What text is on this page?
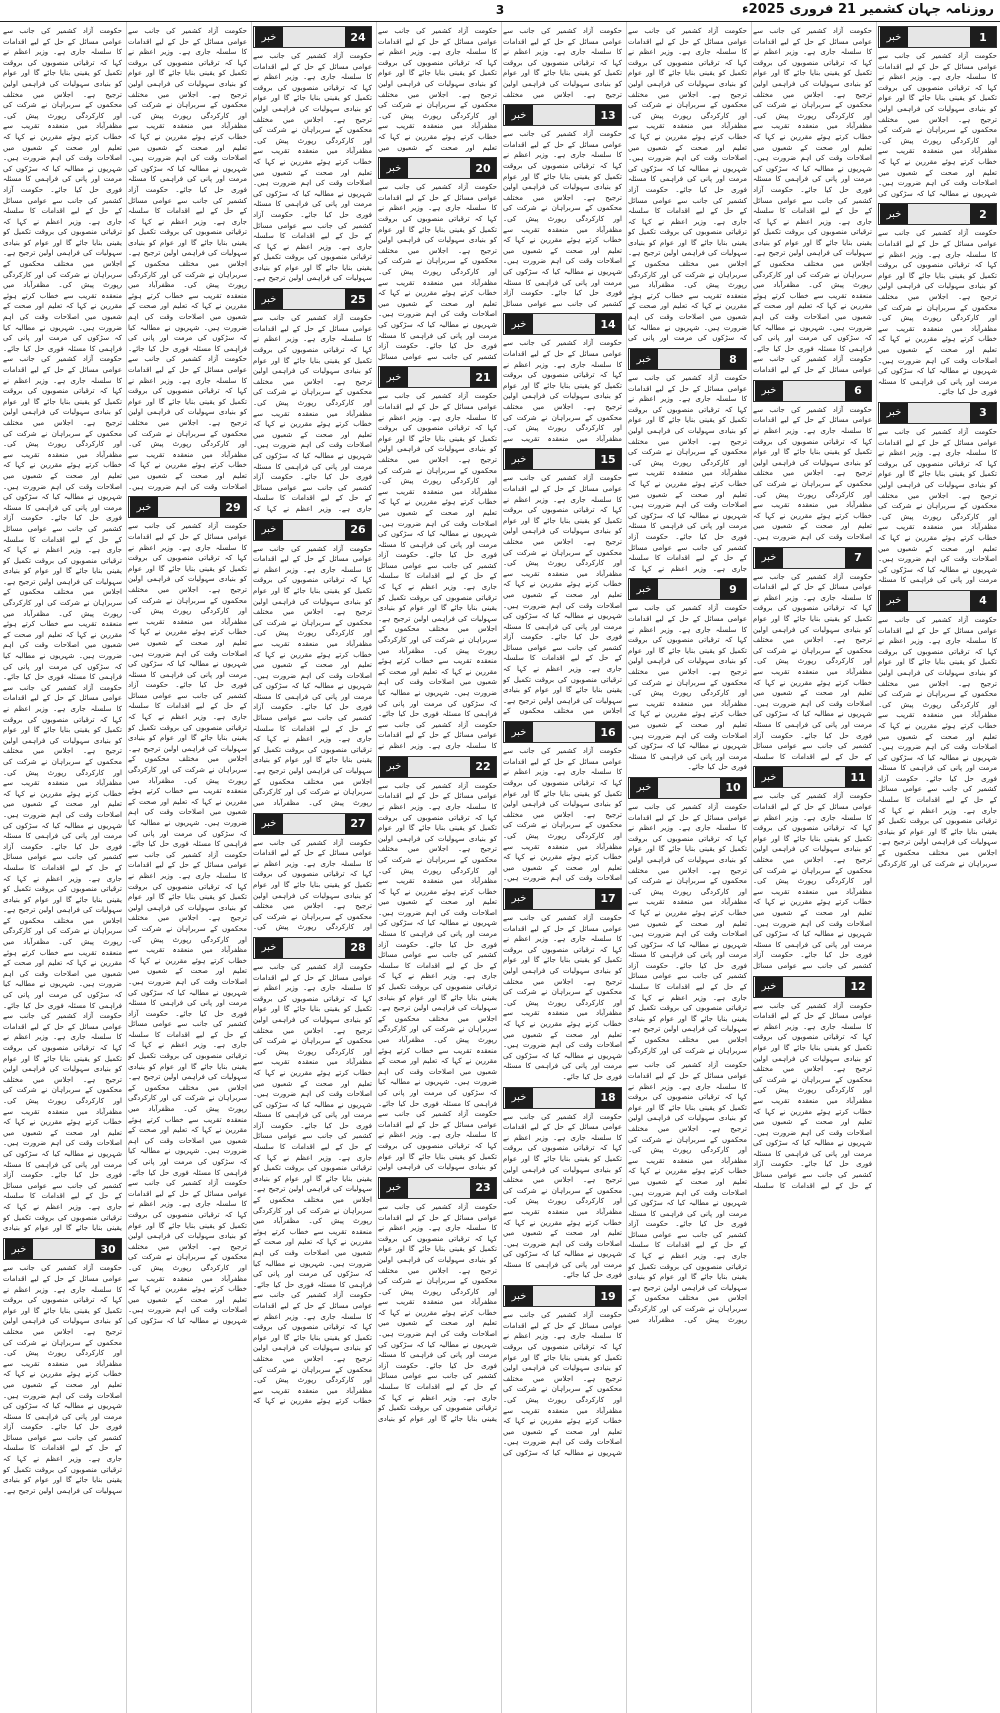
3	روزنامہ جہان کشمیر 21 فروری 2025ء
1
خبر

حکومت آزاد کشمیر کی جانب سے عوامی مسائل کے حل کے لیے اقدامات کا سلسلہ جاری ہے۔ وزیر اعظم نے کہا کہ ترقیاتی منصوبوں کی بروقت تکمیل کو یقینی بنایا جائے گا اور عوام کو بنیادی سہولیات کی فراہمی اولین ترجیح ہے۔ اجلاس میں مختلف محکموں کے سربراہان نے شرکت کی اور کارکردگی رپورٹ پیش کی۔ مظفرآباد میں منعقدہ تقریب سے خطاب کرتے ہوئے مقررین نے کہا کہ تعلیم اور صحت کے شعبوں میں اصلاحات وقت کی اہم ضرورت ہیں۔ شہریوں نے مطالبہ کیا کہ سڑکوں کی

2
خبر

حکومت آزاد کشمیر کی جانب سے عوامی مسائل کے حل کے لیے اقدامات کا سلسلہ جاری ہے۔ وزیر اعظم نے کہا کہ ترقیاتی منصوبوں کی بروقت تکمیل کو یقینی بنایا جائے گا اور عوام کو بنیادی سہولیات کی فراہمی اولین ترجیح ہے۔ اجلاس میں مختلف محکموں کے سربراہان نے شرکت کی اور کارکردگی رپورٹ پیش کی۔ مظفرآباد میں منعقدہ تقریب سے خطاب کرتے ہوئے مقررین نے کہا کہ تعلیم اور صحت کے شعبوں میں اصلاحات وقت کی اہم ضرورت ہیں۔ شہریوں نے مطالبہ کیا کہ سڑکوں کی مرمت اور پانی کی فراہمی کا مسئلہ فوری حل کیا جائے۔

3
خبر

حکومت آزاد کشمیر کی جانب سے عوامی مسائل کے حل کے لیے اقدامات کا سلسلہ جاری ہے۔ وزیر اعظم نے کہا کہ ترقیاتی منصوبوں کی بروقت تکمیل کو یقینی بنایا جائے گا اور عوام کو بنیادی سہولیات کی فراہمی اولین ترجیح ہے۔ اجلاس میں مختلف محکموں کے سربراہان نے شرکت کی اور کارکردگی رپورٹ پیش کی۔ مظفرآباد میں منعقدہ تقریب سے خطاب کرتے ہوئے مقررین نے کہا کہ تعلیم اور صحت کے شعبوں میں اصلاحات وقت کی اہم ضرورت ہیں۔ شہریوں نے مطالبہ کیا کہ سڑکوں کی مرمت اور پانی کی فراہمی کا مسئلہ

4
خبر

حکومت آزاد کشمیر کی جانب سے عوامی مسائل کے حل کے لیے اقدامات کا سلسلہ جاری ہے۔ وزیر اعظم نے کہا کہ ترقیاتی منصوبوں کی بروقت تکمیل کو یقینی بنایا جائے گا اور عوام کو بنیادی سہولیات کی فراہمی اولین ترجیح ہے۔ اجلاس میں مختلف محکموں کے سربراہان نے شرکت کی اور کارکردگی رپورٹ پیش کی۔ مظفرآباد میں منعقدہ تقریب سے خطاب کرتے ہوئے مقررین نے کہا کہ تعلیم اور صحت کے شعبوں میں اصلاحات وقت کی اہم ضرورت ہیں۔ شہریوں نے مطالبہ کیا کہ سڑکوں کی مرمت اور پانی کی فراہمی کا مسئلہ فوری حل کیا جائے۔ حکومت آزاد کشمیر کی جانب سے عوامی مسائل کے حل کے لیے اقدامات کا سلسلہ جاری ہے۔ وزیر اعظم نے کہا کہ ترقیاتی منصوبوں کی بروقت تکمیل کو یقینی بنایا جائے گا اور عوام کو بنیادی سہولیات کی فراہمی اولین ترجیح ہے۔ اجلاس میں مختلف محکموں کے سربراہان نے شرکت کی اور کارکردگی

حکومت آزاد کشمیر کی جانب سے عوامی مسائل کے حل کے لیے اقدامات کا سلسلہ جاری ہے۔ وزیر اعظم نے کہا کہ ترقیاتی منصوبوں کی بروقت تکمیل کو یقینی بنایا جائے گا اور عوام کو بنیادی سہولیات کی فراہمی اولین ترجیح ہے۔ اجلاس میں مختلف محکموں کے سربراہان نے شرکت کی اور کارکردگی رپورٹ پیش کی۔ مظفرآباد میں منعقدہ تقریب سے خطاب کرتے ہوئے مقررین نے کہا کہ تعلیم اور صحت کے شعبوں میں اصلاحات وقت کی اہم ضرورت ہیں۔ شہریوں نے مطالبہ کیا کہ سڑکوں کی مرمت اور پانی کی فراہمی کا مسئلہ فوری حل کیا جائے۔ حکومت آزاد کشمیر کی جانب سے عوامی مسائل کے حل کے لیے اقدامات کا سلسلہ جاری ہے۔ وزیر اعظم نے کہا کہ ترقیاتی منصوبوں کی بروقت تکمیل کو یقینی بنایا جائے گا اور عوام کو بنیادی سہولیات کی فراہمی اولین ترجیح ہے۔ اجلاس میں مختلف محکموں کے سربراہان نے شرکت کی اور کارکردگی رپورٹ پیش کی۔ مظفرآباد میں منعقدہ تقریب سے خطاب کرتے ہوئے مقررین نے کہا کہ تعلیم اور صحت کے شعبوں میں اصلاحات وقت کی اہم ضرورت ہیں۔ شہریوں نے مطالبہ کیا کہ سڑکوں کی مرمت اور پانی کی فراہمی کا مسئلہ فوری حل کیا جائے۔ حکومت آزاد کشمیر کی جانب سے عوامی مسائل کے حل کے لیے اقدامات

6
خبر

حکومت آزاد کشمیر کی جانب سے عوامی مسائل کے حل کے لیے اقدامات کا سلسلہ جاری ہے۔ وزیر اعظم نے کہا کہ ترقیاتی منصوبوں کی بروقت تکمیل کو یقینی بنایا جائے گا اور عوام کو بنیادی سہولیات کی فراہمی اولین ترجیح ہے۔ اجلاس میں مختلف محکموں کے سربراہان نے شرکت کی اور کارکردگی رپورٹ پیش کی۔ مظفرآباد میں منعقدہ تقریب سے خطاب کرتے ہوئے مقررین نے کہا کہ تعلیم اور صحت کے شعبوں میں اصلاحات وقت کی اہم ضرورت ہیں۔

7
خبر

حکومت آزاد کشمیر کی جانب سے عوامی مسائل کے حل کے لیے اقدامات کا سلسلہ جاری ہے۔ وزیر اعظم نے کہا کہ ترقیاتی منصوبوں کی بروقت تکمیل کو یقینی بنایا جائے گا اور عوام کو بنیادی سہولیات کی فراہمی اولین ترجیح ہے۔ اجلاس میں مختلف محکموں کے سربراہان نے شرکت کی اور کارکردگی رپورٹ پیش کی۔ مظفرآباد میں منعقدہ تقریب سے خطاب کرتے ہوئے مقررین نے کہا کہ تعلیم اور صحت کے شعبوں میں اصلاحات وقت کی اہم ضرورت ہیں۔ شہریوں نے مطالبہ کیا کہ سڑکوں کی مرمت اور پانی کی فراہمی کا مسئلہ فوری حل کیا جائے۔ حکومت آزاد کشمیر کی جانب سے عوامی مسائل کے حل کے لیے اقدامات کا سلسلہ

11
خبر

حکومت آزاد کشمیر کی جانب سے عوامی مسائل کے حل کے لیے اقدامات کا سلسلہ جاری ہے۔ وزیر اعظم نے کہا کہ ترقیاتی منصوبوں کی بروقت تکمیل کو یقینی بنایا جائے گا اور عوام کو بنیادی سہولیات کی فراہمی اولین ترجیح ہے۔ اجلاس میں مختلف محکموں کے سربراہان نے شرکت کی اور کارکردگی رپورٹ پیش کی۔ مظفرآباد میں منعقدہ تقریب سے خطاب کرتے ہوئے مقررین نے کہا کہ تعلیم اور صحت کے شعبوں میں اصلاحات وقت کی اہم ضرورت ہیں۔ شہریوں نے مطالبہ کیا کہ سڑکوں کی مرمت اور پانی کی فراہمی کا مسئلہ فوری حل کیا جائے۔ حکومت آزاد کشمیر کی جانب سے عوامی مسائل

12
خبر

حکومت آزاد کشمیر کی جانب سے عوامی مسائل کے حل کے لیے اقدامات کا سلسلہ جاری ہے۔ وزیر اعظم نے کہا کہ ترقیاتی منصوبوں کی بروقت تکمیل کو یقینی بنایا جائے گا اور عوام کو بنیادی سہولیات کی فراہمی اولین ترجیح ہے۔ اجلاس میں مختلف محکموں کے سربراہان نے شرکت کی اور کارکردگی رپورٹ پیش کی۔ مظفرآباد میں منعقدہ تقریب سے خطاب کرتے ہوئے مقررین نے کہا کہ تعلیم اور صحت کے شعبوں میں اصلاحات وقت کی اہم ضرورت ہیں۔ شہریوں نے مطالبہ کیا کہ سڑکوں کی مرمت اور پانی کی فراہمی کا مسئلہ فوری حل کیا جائے۔ حکومت آزاد کشمیر کی جانب سے عوامی مسائل کے حل کے لیے اقدامات کا سلسلہ

حکومت آزاد کشمیر کی جانب سے عوامی مسائل کے حل کے لیے اقدامات کا سلسلہ جاری ہے۔ وزیر اعظم نے کہا کہ ترقیاتی منصوبوں کی بروقت تکمیل کو یقینی بنایا جائے گا اور عوام کو بنیادی سہولیات کی فراہمی اولین ترجیح ہے۔ اجلاس میں مختلف محکموں کے سربراہان نے شرکت کی اور کارکردگی رپورٹ پیش کی۔ مظفرآباد میں منعقدہ تقریب سے خطاب کرتے ہوئے مقررین نے کہا کہ تعلیم اور صحت کے شعبوں میں اصلاحات وقت کی اہم ضرورت ہیں۔ شہریوں نے مطالبہ کیا کہ سڑکوں کی مرمت اور پانی کی فراہمی کا مسئلہ فوری حل کیا جائے۔ حکومت آزاد کشمیر کی جانب سے عوامی مسائل کے حل کے لیے اقدامات کا سلسلہ جاری ہے۔ وزیر اعظم نے کہا کہ ترقیاتی منصوبوں کی بروقت تکمیل کو یقینی بنایا جائے گا اور عوام کو بنیادی سہولیات کی فراہمی اولین ترجیح ہے۔ اجلاس میں مختلف محکموں کے سربراہان نے شرکت کی اور کارکردگی رپورٹ پیش کی۔ مظفرآباد میں منعقدہ تقریب سے خطاب کرتے ہوئے مقررین نے کہا کہ تعلیم اور صحت کے شعبوں میں اصلاحات وقت کی اہم ضرورت ہیں۔ شہریوں نے مطالبہ کیا کہ سڑکوں کی مرمت اور پانی کی

8
خبر

حکومت آزاد کشمیر کی جانب سے عوامی مسائل کے حل کے لیے اقدامات کا سلسلہ جاری ہے۔ وزیر اعظم نے کہا کہ ترقیاتی منصوبوں کی بروقت تکمیل کو یقینی بنایا جائے گا اور عوام کو بنیادی سہولیات کی فراہمی اولین ترجیح ہے۔ اجلاس میں مختلف محکموں کے سربراہان نے شرکت کی اور کارکردگی رپورٹ پیش کی۔ مظفرآباد میں منعقدہ تقریب سے خطاب کرتے ہوئے مقررین نے کہا کہ تعلیم اور صحت کے شعبوں میں اصلاحات وقت کی اہم ضرورت ہیں۔ شہریوں نے مطالبہ کیا کہ سڑکوں کی مرمت اور پانی کی فراہمی کا مسئلہ فوری حل کیا جائے۔ حکومت آزاد کشمیر کی جانب سے عوامی مسائل کے حل کے لیے اقدامات کا سلسلہ جاری ہے۔ وزیر اعظم نے کہا کہ

9
خبر

حکومت آزاد کشمیر کی جانب سے عوامی مسائل کے حل کے لیے اقدامات کا سلسلہ جاری ہے۔ وزیر اعظم نے کہا کہ ترقیاتی منصوبوں کی بروقت تکمیل کو یقینی بنایا جائے گا اور عوام کو بنیادی سہولیات کی فراہمی اولین ترجیح ہے۔ اجلاس میں مختلف محکموں کے سربراہان نے شرکت کی اور کارکردگی رپورٹ پیش کی۔ مظفرآباد میں منعقدہ تقریب سے خطاب کرتے ہوئے مقررین نے کہا کہ تعلیم اور صحت کے شعبوں میں اصلاحات وقت کی اہم ضرورت ہیں۔ شہریوں نے مطالبہ کیا کہ سڑکوں کی مرمت اور پانی کی فراہمی کا مسئلہ فوری حل کیا جائے۔

10
خبر

حکومت آزاد کشمیر کی جانب سے عوامی مسائل کے حل کے لیے اقدامات کا سلسلہ جاری ہے۔ وزیر اعظم نے کہا کہ ترقیاتی منصوبوں کی بروقت تکمیل کو یقینی بنایا جائے گا اور عوام کو بنیادی سہولیات کی فراہمی اولین ترجیح ہے۔ اجلاس میں مختلف محکموں کے سربراہان نے شرکت کی اور کارکردگی رپورٹ پیش کی۔ مظفرآباد میں منعقدہ تقریب سے خطاب کرتے ہوئے مقررین نے کہا کہ تعلیم اور صحت کے شعبوں میں اصلاحات وقت کی اہم ضرورت ہیں۔ شہریوں نے مطالبہ کیا کہ سڑکوں کی مرمت اور پانی کی فراہمی کا مسئلہ فوری حل کیا جائے۔ حکومت آزاد کشمیر کی جانب سے عوامی مسائل کے حل کے لیے اقدامات کا سلسلہ جاری ہے۔ وزیر اعظم نے کہا کہ ترقیاتی منصوبوں کی بروقت تکمیل کو یقینی بنایا جائے گا اور عوام کو بنیادی سہولیات کی فراہمی اولین ترجیح ہے۔ اجلاس میں مختلف محکموں کے سربراہان نے شرکت کی اور کارکردگی

حکومت آزاد کشمیر کی جانب سے عوامی مسائل کے حل کے لیے اقدامات کا سلسلہ جاری ہے۔ وزیر اعظم نے کہا کہ ترقیاتی منصوبوں کی بروقت تکمیل کو یقینی بنایا جائے گا اور عوام کو بنیادی سہولیات کی فراہمی اولین ترجیح ہے۔ اجلاس میں مختلف محکموں کے سربراہان نے شرکت کی اور کارکردگی رپورٹ پیش کی۔ مظفرآباد میں منعقدہ تقریب سے خطاب کرتے ہوئے مقررین نے کہا کہ تعلیم اور صحت کے شعبوں میں اصلاحات وقت کی اہم ضرورت ہیں۔ شہریوں نے مطالبہ کیا کہ سڑکوں کی مرمت اور پانی کی فراہمی کا مسئلہ فوری حل کیا جائے۔ حکومت آزاد کشمیر کی جانب سے عوامی مسائل کے حل کے لیے اقدامات کا سلسلہ جاری ہے۔ وزیر اعظم نے کہا کہ ترقیاتی منصوبوں کی بروقت تکمیل کو یقینی بنایا جائے گا اور عوام کو بنیادی سہولیات کی فراہمی اولین ترجیح ہے۔ اجلاس میں مختلف محکموں کے سربراہان نے شرکت کی اور کارکردگی رپورٹ پیش کی۔ مظفرآباد میں

حکومت آزاد کشمیر کی جانب سے عوامی مسائل کے حل کے لیے اقدامات کا سلسلہ جاری ہے۔ وزیر اعظم نے کہا کہ ترقیاتی منصوبوں کی بروقت تکمیل کو یقینی بنایا جائے گا اور عوام کو بنیادی سہولیات کی فراہمی اولین ترجیح ہے۔ اجلاس میں مختلف

13
خبر

حکومت آزاد کشمیر کی جانب سے عوامی مسائل کے حل کے لیے اقدامات کا سلسلہ جاری ہے۔ وزیر اعظم نے کہا کہ ترقیاتی منصوبوں کی بروقت تکمیل کو یقینی بنایا جائے گا اور عوام کو بنیادی سہولیات کی فراہمی اولین ترجیح ہے۔ اجلاس میں مختلف محکموں کے سربراہان نے شرکت کی اور کارکردگی رپورٹ پیش کی۔ مظفرآباد میں منعقدہ تقریب سے خطاب کرتے ہوئے مقررین نے کہا کہ تعلیم اور صحت کے شعبوں میں اصلاحات وقت کی اہم ضرورت ہیں۔ شہریوں نے مطالبہ کیا کہ سڑکوں کی مرمت اور پانی کی فراہمی کا مسئلہ فوری حل کیا جائے۔ حکومت آزاد کشمیر کی جانب سے عوامی مسائل

14
خبر

حکومت آزاد کشمیر کی جانب سے عوامی مسائل کے حل کے لیے اقدامات کا سلسلہ جاری ہے۔ وزیر اعظم نے کہا کہ ترقیاتی منصوبوں کی بروقت تکمیل کو یقینی بنایا جائے گا اور عوام کو بنیادی سہولیات کی فراہمی اولین ترجیح ہے۔ اجلاس میں مختلف محکموں کے سربراہان نے شرکت کی اور کارکردگی رپورٹ پیش کی۔ مظفرآباد میں منعقدہ تقریب سے

15
خبر

حکومت آزاد کشمیر کی جانب سے عوامی مسائل کے حل کے لیے اقدامات کا سلسلہ جاری ہے۔ وزیر اعظم نے کہا کہ ترقیاتی منصوبوں کی بروقت تکمیل کو یقینی بنایا جائے گا اور عوام کو بنیادی سہولیات کی فراہمی اولین ترجیح ہے۔ اجلاس میں مختلف محکموں کے سربراہان نے شرکت کی اور کارکردگی رپورٹ پیش کی۔ مظفرآباد میں منعقدہ تقریب سے خطاب کرتے ہوئے مقررین نے کہا کہ تعلیم اور صحت کے شعبوں میں اصلاحات وقت کی اہم ضرورت ہیں۔ شہریوں نے مطالبہ کیا کہ سڑکوں کی مرمت اور پانی کی فراہمی کا مسئلہ فوری حل کیا جائے۔ حکومت آزاد کشمیر کی جانب سے عوامی مسائل کے حل کے لیے اقدامات کا سلسلہ جاری ہے۔ وزیر اعظم نے کہا کہ ترقیاتی منصوبوں کی بروقت تکمیل کو یقینی بنایا جائے گا اور عوام کو بنیادی سہولیات کی فراہمی اولین ترجیح ہے۔ اجلاس میں مختلف محکموں کے

16
خبر

حکومت آزاد کشمیر کی جانب سے عوامی مسائل کے حل کے لیے اقدامات کا سلسلہ جاری ہے۔ وزیر اعظم نے کہا کہ ترقیاتی منصوبوں کی بروقت تکمیل کو یقینی بنایا جائے گا اور عوام کو بنیادی سہولیات کی فراہمی اولین ترجیح ہے۔ اجلاس میں مختلف محکموں کے سربراہان نے شرکت کی اور کارکردگی رپورٹ پیش کی۔ مظفرآباد میں منعقدہ تقریب سے خطاب کرتے ہوئے مقررین نے کہا کہ تعلیم اور صحت کے شعبوں میں اصلاحات وقت کی اہم ضرورت ہیں۔

17
خبر

حکومت آزاد کشمیر کی جانب سے عوامی مسائل کے حل کے لیے اقدامات کا سلسلہ جاری ہے۔ وزیر اعظم نے کہا کہ ترقیاتی منصوبوں کی بروقت تکمیل کو یقینی بنایا جائے گا اور عوام کو بنیادی سہولیات کی فراہمی اولین ترجیح ہے۔ اجلاس میں مختلف محکموں کے سربراہان نے شرکت کی اور کارکردگی رپورٹ پیش کی۔ مظفرآباد میں منعقدہ تقریب سے خطاب کرتے ہوئے مقررین نے کہا کہ تعلیم اور صحت کے شعبوں میں اصلاحات وقت کی اہم ضرورت ہیں۔ شہریوں نے مطالبہ کیا کہ سڑکوں کی مرمت اور پانی کی فراہمی کا مسئلہ فوری حل کیا جائے۔

18
خبر

حکومت آزاد کشمیر کی جانب سے عوامی مسائل کے حل کے لیے اقدامات کا سلسلہ جاری ہے۔ وزیر اعظم نے کہا کہ ترقیاتی منصوبوں کی بروقت تکمیل کو یقینی بنایا جائے گا اور عوام کو بنیادی سہولیات کی فراہمی اولین ترجیح ہے۔ اجلاس میں مختلف محکموں کے سربراہان نے شرکت کی اور کارکردگی رپورٹ پیش کی۔ مظفرآباد میں منعقدہ تقریب سے خطاب کرتے ہوئے مقررین نے کہا کہ تعلیم اور صحت کے شعبوں میں اصلاحات وقت کی اہم ضرورت ہیں۔ شہریوں نے مطالبہ کیا کہ سڑکوں کی مرمت اور پانی کی فراہمی کا مسئلہ فوری حل کیا جائے۔

19
خبر

حکومت آزاد کشمیر کی جانب سے عوامی مسائل کے حل کے لیے اقدامات کا سلسلہ جاری ہے۔ وزیر اعظم نے کہا کہ ترقیاتی منصوبوں کی بروقت تکمیل کو یقینی بنایا جائے گا اور عوام کو بنیادی سہولیات کی فراہمی اولین ترجیح ہے۔ اجلاس میں مختلف محکموں کے سربراہان نے شرکت کی اور کارکردگی رپورٹ پیش کی۔ مظفرآباد میں منعقدہ تقریب سے خطاب کرتے ہوئے مقررین نے کہا کہ تعلیم اور صحت کے شعبوں میں اصلاحات وقت کی اہم ضرورت ہیں۔ شہریوں نے مطالبہ کیا کہ سڑکوں کی

حکومت آزاد کشمیر کی جانب سے عوامی مسائل کے حل کے لیے اقدامات کا سلسلہ جاری ہے۔ وزیر اعظم نے کہا کہ ترقیاتی منصوبوں کی بروقت تکمیل کو یقینی بنایا جائے گا اور عوام کو بنیادی سہولیات کی فراہمی اولین ترجیح ہے۔ اجلاس میں مختلف محکموں کے سربراہان نے شرکت کی اور کارکردگی رپورٹ پیش کی۔ مظفرآباد میں منعقدہ تقریب سے خطاب کرتے ہوئے مقررین نے کہا کہ تعلیم اور صحت کے شعبوں میں

20
خبر

حکومت آزاد کشمیر کی جانب سے عوامی مسائل کے حل کے لیے اقدامات کا سلسلہ جاری ہے۔ وزیر اعظم نے کہا کہ ترقیاتی منصوبوں کی بروقت تکمیل کو یقینی بنایا جائے گا اور عوام کو بنیادی سہولیات کی فراہمی اولین ترجیح ہے۔ اجلاس میں مختلف محکموں کے سربراہان نے شرکت کی اور کارکردگی رپورٹ پیش کی۔ مظفرآباد میں منعقدہ تقریب سے خطاب کرتے ہوئے مقررین نے کہا کہ تعلیم اور صحت کے شعبوں میں اصلاحات وقت کی اہم ضرورت ہیں۔ شہریوں نے مطالبہ کیا کہ سڑکوں کی مرمت اور پانی کی فراہمی کا مسئلہ فوری حل کیا جائے۔ حکومت آزاد کشمیر کی جانب سے عوامی مسائل

21
خبر

حکومت آزاد کشمیر کی جانب سے عوامی مسائل کے حل کے لیے اقدامات کا سلسلہ جاری ہے۔ وزیر اعظم نے کہا کہ ترقیاتی منصوبوں کی بروقت تکمیل کو یقینی بنایا جائے گا اور عوام کو بنیادی سہولیات کی فراہمی اولین ترجیح ہے۔ اجلاس میں مختلف محکموں کے سربراہان نے شرکت کی اور کارکردگی رپورٹ پیش کی۔ مظفرآباد میں منعقدہ تقریب سے خطاب کرتے ہوئے مقررین نے کہا کہ تعلیم اور صحت کے شعبوں میں اصلاحات وقت کی اہم ضرورت ہیں۔ شہریوں نے مطالبہ کیا کہ سڑکوں کی مرمت اور پانی کی فراہمی کا مسئلہ فوری حل کیا جائے۔ حکومت آزاد کشمیر کی جانب سے عوامی مسائل کے حل کے لیے اقدامات کا سلسلہ جاری ہے۔ وزیر اعظم نے کہا کہ ترقیاتی منصوبوں کی بروقت تکمیل کو یقینی بنایا جائے گا اور عوام کو بنیادی سہولیات کی فراہمی اولین ترجیح ہے۔ اجلاس میں مختلف محکموں کے سربراہان نے شرکت کی اور کارکردگی رپورٹ پیش کی۔ مظفرآباد میں منعقدہ تقریب سے خطاب کرتے ہوئے مقررین نے کہا کہ تعلیم اور صحت کے شعبوں میں اصلاحات وقت کی اہم ضرورت ہیں۔ شہریوں نے مطالبہ کیا کہ سڑکوں کی مرمت اور پانی کی فراہمی کا مسئلہ فوری حل کیا جائے۔ حکومت آزاد کشمیر کی جانب سے عوامی مسائل کے حل کے لیے اقدامات کا سلسلہ جاری ہے۔ وزیر اعظم نے

22
خبر

حکومت آزاد کشمیر کی جانب سے عوامی مسائل کے حل کے لیے اقدامات کا سلسلہ جاری ہے۔ وزیر اعظم نے کہا کہ ترقیاتی منصوبوں کی بروقت تکمیل کو یقینی بنایا جائے گا اور عوام کو بنیادی سہولیات کی فراہمی اولین ترجیح ہے۔ اجلاس میں مختلف محکموں کے سربراہان نے شرکت کی اور کارکردگی رپورٹ پیش کی۔ مظفرآباد میں منعقدہ تقریب سے خطاب کرتے ہوئے مقررین نے کہا کہ تعلیم اور صحت کے شعبوں میں اصلاحات وقت کی اہم ضرورت ہیں۔ شہریوں نے مطالبہ کیا کہ سڑکوں کی مرمت اور پانی کی فراہمی کا مسئلہ فوری حل کیا جائے۔ حکومت آزاد کشمیر کی جانب سے عوامی مسائل کے حل کے لیے اقدامات کا سلسلہ جاری ہے۔ وزیر اعظم نے کہا کہ ترقیاتی منصوبوں کی بروقت تکمیل کو یقینی بنایا جائے گا اور عوام کو بنیادی سہولیات کی فراہمی اولین ترجیح ہے۔ اجلاس میں مختلف محکموں کے سربراہان نے شرکت کی اور کارکردگی رپورٹ پیش کی۔ مظفرآباد میں منعقدہ تقریب سے خطاب کرتے ہوئے مقررین نے کہا کہ تعلیم اور صحت کے شعبوں میں اصلاحات وقت کی اہم ضرورت ہیں۔ شہریوں نے مطالبہ کیا کہ سڑکوں کی مرمت اور پانی کی فراہمی کا مسئلہ فوری حل کیا جائے۔ حکومت آزاد کشمیر کی جانب سے عوامی مسائل کے حل کے لیے اقدامات کا سلسلہ جاری ہے۔ وزیر اعظم نے کہا کہ ترقیاتی منصوبوں کی بروقت تکمیل کو یقینی بنایا جائے گا اور عوام کو بنیادی سہولیات کی فراہمی اولین

23
خبر

حکومت آزاد کشمیر کی جانب سے عوامی مسائل کے حل کے لیے اقدامات کا سلسلہ جاری ہے۔ وزیر اعظم نے کہا کہ ترقیاتی منصوبوں کی بروقت تکمیل کو یقینی بنایا جائے گا اور عوام کو بنیادی سہولیات کی فراہمی اولین ترجیح ہے۔ اجلاس میں مختلف محکموں کے سربراہان نے شرکت کی اور کارکردگی رپورٹ پیش کی۔ مظفرآباد میں منعقدہ تقریب سے خطاب کرتے ہوئے مقررین نے کہا کہ تعلیم اور صحت کے شعبوں میں اصلاحات وقت کی اہم ضرورت ہیں۔ شہریوں نے مطالبہ کیا کہ سڑکوں کی مرمت اور پانی کی فراہمی کا مسئلہ فوری حل کیا جائے۔ حکومت آزاد کشمیر کی جانب سے عوامی مسائل کے حل کے لیے اقدامات کا سلسلہ جاری ہے۔ وزیر اعظم نے کہا کہ ترقیاتی منصوبوں کی بروقت تکمیل کو یقینی بنایا جائے گا اور عوام کو بنیادی

24
خبر

حکومت آزاد کشمیر کی جانب سے عوامی مسائل کے حل کے لیے اقدامات کا سلسلہ جاری ہے۔ وزیر اعظم نے کہا کہ ترقیاتی منصوبوں کی بروقت تکمیل کو یقینی بنایا جائے گا اور عوام کو بنیادی سہولیات کی فراہمی اولین ترجیح ہے۔ اجلاس میں مختلف محکموں کے سربراہان نے شرکت کی اور کارکردگی رپورٹ پیش کی۔ مظفرآباد میں منعقدہ تقریب سے خطاب کرتے ہوئے مقررین نے کہا کہ تعلیم اور صحت کے شعبوں میں اصلاحات وقت کی اہم ضرورت ہیں۔ شہریوں نے مطالبہ کیا کہ سڑکوں کی مرمت اور پانی کی فراہمی کا مسئلہ فوری حل کیا جائے۔ حکومت آزاد کشمیر کی جانب سے عوامی مسائل کے حل کے لیے اقدامات کا سلسلہ جاری ہے۔ وزیر اعظم نے کہا کہ ترقیاتی منصوبوں کی بروقت تکمیل کو یقینی بنایا جائے گا اور عوام کو بنیادی سہولیات کی فراہمی اولین ترجیح ہے۔

25
خبر

حکومت آزاد کشمیر کی جانب سے عوامی مسائل کے حل کے لیے اقدامات کا سلسلہ جاری ہے۔ وزیر اعظم نے کہا کہ ترقیاتی منصوبوں کی بروقت تکمیل کو یقینی بنایا جائے گا اور عوام کو بنیادی سہولیات کی فراہمی اولین ترجیح ہے۔ اجلاس میں مختلف محکموں کے سربراہان نے شرکت کی اور کارکردگی رپورٹ پیش کی۔ مظفرآباد میں منعقدہ تقریب سے خطاب کرتے ہوئے مقررین نے کہا کہ تعلیم اور صحت کے شعبوں میں اصلاحات وقت کی اہم ضرورت ہیں۔ شہریوں نے مطالبہ کیا کہ سڑکوں کی مرمت اور پانی کی فراہمی کا مسئلہ فوری حل کیا جائے۔ حکومت آزاد کشمیر کی جانب سے عوامی مسائل کے حل کے لیے اقدامات کا سلسلہ جاری ہے۔ وزیر اعظم نے کہا کہ

26
خبر

حکومت آزاد کشمیر کی جانب سے عوامی مسائل کے حل کے لیے اقدامات کا سلسلہ جاری ہے۔ وزیر اعظم نے کہا کہ ترقیاتی منصوبوں کی بروقت تکمیل کو یقینی بنایا جائے گا اور عوام کو بنیادی سہولیات کی فراہمی اولین ترجیح ہے۔ اجلاس میں مختلف محکموں کے سربراہان نے شرکت کی اور کارکردگی رپورٹ پیش کی۔ مظفرآباد میں منعقدہ تقریب سے خطاب کرتے ہوئے مقررین نے کہا کہ تعلیم اور صحت کے شعبوں میں اصلاحات وقت کی اہم ضرورت ہیں۔ شہریوں نے مطالبہ کیا کہ سڑکوں کی مرمت اور پانی کی فراہمی کا مسئلہ فوری حل کیا جائے۔ حکومت آزاد کشمیر کی جانب سے عوامی مسائل کے حل کے لیے اقدامات کا سلسلہ جاری ہے۔ وزیر اعظم نے کہا کہ ترقیاتی منصوبوں کی بروقت تکمیل کو یقینی بنایا جائے گا اور عوام کو بنیادی سہولیات کی فراہمی اولین ترجیح ہے۔ اجلاس میں مختلف محکموں کے سربراہان نے شرکت کی اور کارکردگی رپورٹ پیش کی۔ مظفرآباد میں

27
خبر

حکومت آزاد کشمیر کی جانب سے عوامی مسائل کے حل کے لیے اقدامات کا سلسلہ جاری ہے۔ وزیر اعظم نے کہا کہ ترقیاتی منصوبوں کی بروقت تکمیل کو یقینی بنایا جائے گا اور عوام کو بنیادی سہولیات کی فراہمی اولین ترجیح ہے۔ اجلاس میں مختلف محکموں کے سربراہان نے شرکت کی اور کارکردگی رپورٹ پیش کی۔

28
خبر

حکومت آزاد کشمیر کی جانب سے عوامی مسائل کے حل کے لیے اقدامات کا سلسلہ جاری ہے۔ وزیر اعظم نے کہا کہ ترقیاتی منصوبوں کی بروقت تکمیل کو یقینی بنایا جائے گا اور عوام کو بنیادی سہولیات کی فراہمی اولین ترجیح ہے۔ اجلاس میں مختلف محکموں کے سربراہان نے شرکت کی اور کارکردگی رپورٹ پیش کی۔ مظفرآباد میں منعقدہ تقریب سے خطاب کرتے ہوئے مقررین نے کہا کہ تعلیم اور صحت کے شعبوں میں اصلاحات وقت کی اہم ضرورت ہیں۔ شہریوں نے مطالبہ کیا کہ سڑکوں کی مرمت اور پانی کی فراہمی کا مسئلہ فوری حل کیا جائے۔ حکومت آزاد کشمیر کی جانب سے عوامی مسائل کے حل کے لیے اقدامات کا سلسلہ جاری ہے۔ وزیر اعظم نے کہا کہ ترقیاتی منصوبوں کی بروقت تکمیل کو یقینی بنایا جائے گا اور عوام کو بنیادی سہولیات کی فراہمی اولین ترجیح ہے۔ اجلاس میں مختلف محکموں کے سربراہان نے شرکت کی اور کارکردگی رپورٹ پیش کی۔ مظفرآباد میں منعقدہ تقریب سے خطاب کرتے ہوئے مقررین نے کہا کہ تعلیم اور صحت کے شعبوں میں اصلاحات وقت کی اہم ضرورت ہیں۔ شہریوں نے مطالبہ کیا کہ سڑکوں کی مرمت اور پانی کی فراہمی کا مسئلہ فوری حل کیا جائے۔ حکومت آزاد کشمیر کی جانب سے عوامی مسائل کے حل کے لیے اقدامات کا سلسلہ جاری ہے۔ وزیر اعظم نے کہا کہ ترقیاتی منصوبوں کی بروقت تکمیل کو یقینی بنایا جائے گا اور عوام کو بنیادی سہولیات کی فراہمی اولین ترجیح ہے۔ اجلاس میں مختلف محکموں کے سربراہان نے شرکت کی اور کارکردگی رپورٹ پیش کی۔ مظفرآباد میں منعقدہ تقریب سے خطاب کرتے ہوئے مقررین نے کہا کہ

حکومت آزاد کشمیر کی جانب سے عوامی مسائل کے حل کے لیے اقدامات کا سلسلہ جاری ہے۔ وزیر اعظم نے کہا کہ ترقیاتی منصوبوں کی بروقت تکمیل کو یقینی بنایا جائے گا اور عوام کو بنیادی سہولیات کی فراہمی اولین ترجیح ہے۔ اجلاس میں مختلف محکموں کے سربراہان نے شرکت کی اور کارکردگی رپورٹ پیش کی۔ مظفرآباد میں منعقدہ تقریب سے خطاب کرتے ہوئے مقررین نے کہا کہ تعلیم اور صحت کے شعبوں میں اصلاحات وقت کی اہم ضرورت ہیں۔ شہریوں نے مطالبہ کیا کہ سڑکوں کی مرمت اور پانی کی فراہمی کا مسئلہ فوری حل کیا جائے۔ حکومت آزاد کشمیر کی جانب سے عوامی مسائل کے حل کے لیے اقدامات کا سلسلہ جاری ہے۔ وزیر اعظم نے کہا کہ ترقیاتی منصوبوں کی بروقت تکمیل کو یقینی بنایا جائے گا اور عوام کو بنیادی سہولیات کی فراہمی اولین ترجیح ہے۔ اجلاس میں مختلف محکموں کے سربراہان نے شرکت کی اور کارکردگی رپورٹ پیش کی۔ مظفرآباد میں منعقدہ تقریب سے خطاب کرتے ہوئے مقررین نے کہا کہ تعلیم اور صحت کے شعبوں میں اصلاحات وقت کی اہم ضرورت ہیں۔ شہریوں نے مطالبہ کیا کہ سڑکوں کی مرمت اور پانی کی فراہمی کا مسئلہ فوری حل کیا جائے۔ حکومت آزاد کشمیر کی جانب سے عوامی مسائل کے حل کے لیے اقدامات کا سلسلہ جاری ہے۔ وزیر اعظم نے کہا کہ ترقیاتی منصوبوں کی بروقت تکمیل کو یقینی بنایا جائے گا اور عوام کو بنیادی سہولیات کی فراہمی اولین ترجیح ہے۔ اجلاس میں مختلف محکموں کے سربراہان نے شرکت کی اور کارکردگی رپورٹ پیش کی۔ مظفرآباد میں منعقدہ تقریب سے خطاب کرتے ہوئے مقررین نے کہا کہ تعلیم اور صحت کے شعبوں میں اصلاحات وقت کی اہم ضرورت ہیں۔

29
خبر

حکومت آزاد کشمیر کی جانب سے عوامی مسائل کے حل کے لیے اقدامات کا سلسلہ جاری ہے۔ وزیر اعظم نے کہا کہ ترقیاتی منصوبوں کی بروقت تکمیل کو یقینی بنایا جائے گا اور عوام کو بنیادی سہولیات کی فراہمی اولین ترجیح ہے۔ اجلاس میں مختلف محکموں کے سربراہان نے شرکت کی اور کارکردگی رپورٹ پیش کی۔ مظفرآباد میں منعقدہ تقریب سے خطاب کرتے ہوئے مقررین نے کہا کہ تعلیم اور صحت کے شعبوں میں اصلاحات وقت کی اہم ضرورت ہیں۔ شہریوں نے مطالبہ کیا کہ سڑکوں کی مرمت اور پانی کی فراہمی کا مسئلہ فوری حل کیا جائے۔ حکومت آزاد کشمیر کی جانب سے عوامی مسائل کے حل کے لیے اقدامات کا سلسلہ جاری ہے۔ وزیر اعظم نے کہا کہ ترقیاتی منصوبوں کی بروقت تکمیل کو یقینی بنایا جائے گا اور عوام کو بنیادی سہولیات کی فراہمی اولین ترجیح ہے۔ اجلاس میں مختلف محکموں کے سربراہان نے شرکت کی اور کارکردگی رپورٹ پیش کی۔ مظفرآباد میں منعقدہ تقریب سے خطاب کرتے ہوئے مقررین نے کہا کہ تعلیم اور صحت کے شعبوں میں اصلاحات وقت کی اہم ضرورت ہیں۔ شہریوں نے مطالبہ کیا کہ سڑکوں کی مرمت اور پانی کی فراہمی کا مسئلہ فوری حل کیا جائے۔ حکومت آزاد کشمیر کی جانب سے عوامی مسائل کے حل کے لیے اقدامات کا سلسلہ جاری ہے۔ وزیر اعظم نے کہا کہ ترقیاتی منصوبوں کی بروقت تکمیل کو یقینی بنایا جائے گا اور عوام کو بنیادی سہولیات کی فراہمی اولین ترجیح ہے۔ اجلاس میں مختلف محکموں کے سربراہان نے شرکت کی اور کارکردگی رپورٹ پیش کی۔ مظفرآباد میں منعقدہ تقریب سے خطاب کرتے ہوئے مقررین نے کہا کہ تعلیم اور صحت کے شعبوں میں اصلاحات وقت کی اہم ضرورت ہیں۔ شہریوں نے مطالبہ کیا کہ سڑکوں کی مرمت اور پانی کی فراہمی کا مسئلہ فوری حل کیا جائے۔ حکومت آزاد کشمیر کی جانب سے عوامی مسائل کے حل کے لیے اقدامات کا سلسلہ جاری ہے۔ وزیر اعظم نے کہا کہ ترقیاتی منصوبوں کی بروقت تکمیل کو یقینی بنایا جائے گا اور عوام کو بنیادی سہولیات کی فراہمی اولین ترجیح ہے۔ اجلاس میں مختلف محکموں کے سربراہان نے شرکت کی اور کارکردگی رپورٹ پیش کی۔ مظفرآباد میں منعقدہ تقریب سے خطاب کرتے ہوئے مقررین نے کہا کہ تعلیم اور صحت کے شعبوں میں اصلاحات وقت کی اہم ضرورت ہیں۔ شہریوں نے مطالبہ کیا کہ سڑکوں کی مرمت اور پانی کی فراہمی کا مسئلہ فوری حل کیا جائے۔ حکومت آزاد کشمیر کی جانب سے عوامی مسائل کے حل کے لیے اقدامات کا سلسلہ جاری ہے۔ وزیر اعظم نے کہا کہ ترقیاتی منصوبوں کی بروقت تکمیل کو یقینی بنایا جائے گا اور عوام کو بنیادی سہولیات کی فراہمی اولین ترجیح ہے۔ اجلاس میں مختلف محکموں کے سربراہان نے شرکت کی اور کارکردگی رپورٹ پیش کی۔ مظفرآباد میں منعقدہ تقریب سے خطاب کرتے ہوئے مقررین نے کہا کہ تعلیم اور صحت کے شعبوں میں اصلاحات وقت کی اہم ضرورت ہیں۔ شہریوں نے مطالبہ کیا کہ سڑکوں کی

حکومت آزاد کشمیر کی جانب سے عوامی مسائل کے حل کے لیے اقدامات کا سلسلہ جاری ہے۔ وزیر اعظم نے کہا کہ ترقیاتی منصوبوں کی بروقت تکمیل کو یقینی بنایا جائے گا اور عوام کو بنیادی سہولیات کی فراہمی اولین ترجیح ہے۔ اجلاس میں مختلف محکموں کے سربراہان نے شرکت کی اور کارکردگی رپورٹ پیش کی۔ مظفرآباد میں منعقدہ تقریب سے خطاب کرتے ہوئے مقررین نے کہا کہ تعلیم اور صحت کے شعبوں میں اصلاحات وقت کی اہم ضرورت ہیں۔ شہریوں نے مطالبہ کیا کہ سڑکوں کی مرمت اور پانی کی فراہمی کا مسئلہ فوری حل کیا جائے۔ حکومت آزاد کشمیر کی جانب سے عوامی مسائل کے حل کے لیے اقدامات کا سلسلہ جاری ہے۔ وزیر اعظم نے کہا کہ ترقیاتی منصوبوں کی بروقت تکمیل کو یقینی بنایا جائے گا اور عوام کو بنیادی سہولیات کی فراہمی اولین ترجیح ہے۔ اجلاس میں مختلف محکموں کے سربراہان نے شرکت کی اور کارکردگی رپورٹ پیش کی۔ مظفرآباد میں منعقدہ تقریب سے خطاب کرتے ہوئے مقررین نے کہا کہ تعلیم اور صحت کے شعبوں میں اصلاحات وقت کی اہم ضرورت ہیں۔ شہریوں نے مطالبہ کیا کہ سڑکوں کی مرمت اور پانی کی فراہمی کا مسئلہ فوری حل کیا جائے۔ حکومت آزاد کشمیر کی جانب سے عوامی مسائل کے حل کے لیے اقدامات کا سلسلہ جاری ہے۔ وزیر اعظم نے کہا کہ ترقیاتی منصوبوں کی بروقت تکمیل کو یقینی بنایا جائے گا اور عوام کو بنیادی سہولیات کی فراہمی اولین ترجیح ہے۔ اجلاس میں مختلف محکموں کے سربراہان نے شرکت کی اور کارکردگی رپورٹ پیش کی۔ مظفرآباد میں منعقدہ تقریب سے خطاب کرتے ہوئے مقررین نے کہا کہ تعلیم اور صحت کے شعبوں میں اصلاحات وقت کی اہم ضرورت ہیں۔ شہریوں نے مطالبہ کیا کہ سڑکوں کی مرمت اور پانی کی فراہمی کا مسئلہ فوری حل کیا جائے۔ حکومت آزاد کشمیر کی جانب سے عوامی مسائل کے حل کے لیے اقدامات کا سلسلہ جاری ہے۔ وزیر اعظم نے کہا کہ ترقیاتی منصوبوں کی بروقت تکمیل کو یقینی بنایا جائے گا اور عوام کو بنیادی سہولیات کی فراہمی اولین ترجیح ہے۔ اجلاس میں مختلف محکموں کے سربراہان نے شرکت کی اور کارکردگی رپورٹ پیش کی۔ مظفرآباد میں منعقدہ تقریب سے خطاب کرتے ہوئے مقررین نے کہا کہ تعلیم اور صحت کے شعبوں میں اصلاحات وقت کی اہم ضرورت ہیں۔ شہریوں نے مطالبہ کیا کہ سڑکوں کی مرمت اور پانی کی فراہمی کا مسئلہ فوری حل کیا جائے۔ حکومت آزاد کشمیر کی جانب سے عوامی مسائل کے حل کے لیے اقدامات کا سلسلہ جاری ہے۔ وزیر اعظم نے کہا کہ ترقیاتی منصوبوں کی بروقت تکمیل کو یقینی بنایا جائے گا اور عوام کو بنیادی سہولیات کی فراہمی اولین ترجیح ہے۔ اجلاس میں مختلف محکموں کے سربراہان نے شرکت کی اور کارکردگی رپورٹ پیش کی۔ مظفرآباد میں منعقدہ تقریب سے خطاب کرتے ہوئے مقررین نے کہا کہ تعلیم اور صحت کے شعبوں میں اصلاحات وقت کی اہم ضرورت ہیں۔ شہریوں نے مطالبہ کیا کہ سڑکوں کی مرمت اور پانی کی فراہمی کا مسئلہ فوری حل کیا جائے۔ حکومت آزاد کشمیر کی جانب سے عوامی مسائل کے حل کے لیے اقدامات کا سلسلہ جاری ہے۔ وزیر اعظم نے کہا کہ ترقیاتی منصوبوں کی بروقت تکمیل کو یقینی بنایا جائے گا اور عوام کو بنیادی سہولیات کی فراہمی اولین ترجیح ہے۔ اجلاس میں مختلف محکموں کے سربراہان نے شرکت کی اور کارکردگی رپورٹ پیش کی۔ مظفرآباد میں منعقدہ تقریب سے خطاب کرتے ہوئے مقررین نے کہا کہ تعلیم اور صحت کے شعبوں میں اصلاحات وقت کی اہم ضرورت ہیں۔ شہریوں نے مطالبہ کیا کہ سڑکوں کی مرمت اور پانی کی فراہمی کا مسئلہ فوری حل کیا جائے۔ حکومت آزاد کشمیر کی جانب سے عوامی مسائل کے حل کے لیے اقدامات کا سلسلہ جاری ہے۔ وزیر اعظم نے کہا کہ ترقیاتی منصوبوں کی بروقت تکمیل کو یقینی بنایا جائے گا اور عوام کو بنیادی سہولیات کی فراہمی اولین ترجیح ہے۔ اجلاس میں مختلف محکموں کے سربراہان نے شرکت کی اور کارکردگی رپورٹ پیش کی۔ مظفرآباد میں منعقدہ تقریب سے خطاب کرتے ہوئے مقررین نے کہا کہ تعلیم اور صحت کے شعبوں میں اصلاحات وقت کی اہم ضرورت ہیں۔ شہریوں نے مطالبہ کیا کہ سڑکوں کی مرمت اور پانی کی فراہمی کا مسئلہ فوری حل کیا جائے۔ حکومت آزاد کشمیر کی جانب سے عوامی مسائل کے حل کے لیے اقدامات کا سلسلہ جاری ہے۔ وزیر اعظم نے کہا کہ ترقیاتی منصوبوں کی بروقت تکمیل کو یقینی بنایا جائے گا اور عوام کو بنیادی

30
خبر

حکومت آزاد کشمیر کی جانب سے عوامی مسائل کے حل کے لیے اقدامات کا سلسلہ جاری ہے۔ وزیر اعظم نے کہا کہ ترقیاتی منصوبوں کی بروقت تکمیل کو یقینی بنایا جائے گا اور عوام کو بنیادی سہولیات کی فراہمی اولین ترجیح ہے۔ اجلاس میں مختلف محکموں کے سربراہان نے شرکت کی اور کارکردگی رپورٹ پیش کی۔ مظفرآباد میں منعقدہ تقریب سے خطاب کرتے ہوئے مقررین نے کہا کہ تعلیم اور صحت کے شعبوں میں اصلاحات وقت کی اہم ضرورت ہیں۔ شہریوں نے مطالبہ کیا کہ سڑکوں کی مرمت اور پانی کی فراہمی کا مسئلہ فوری حل کیا جائے۔ حکومت آزاد کشمیر کی جانب سے عوامی مسائل کے حل کے لیے اقدامات کا سلسلہ جاری ہے۔ وزیر اعظم نے کہا کہ ترقیاتی منصوبوں کی بروقت تکمیل کو یقینی بنایا جائے گا اور عوام کو بنیادی سہولیات کی فراہمی اولین ترجیح ہے۔
